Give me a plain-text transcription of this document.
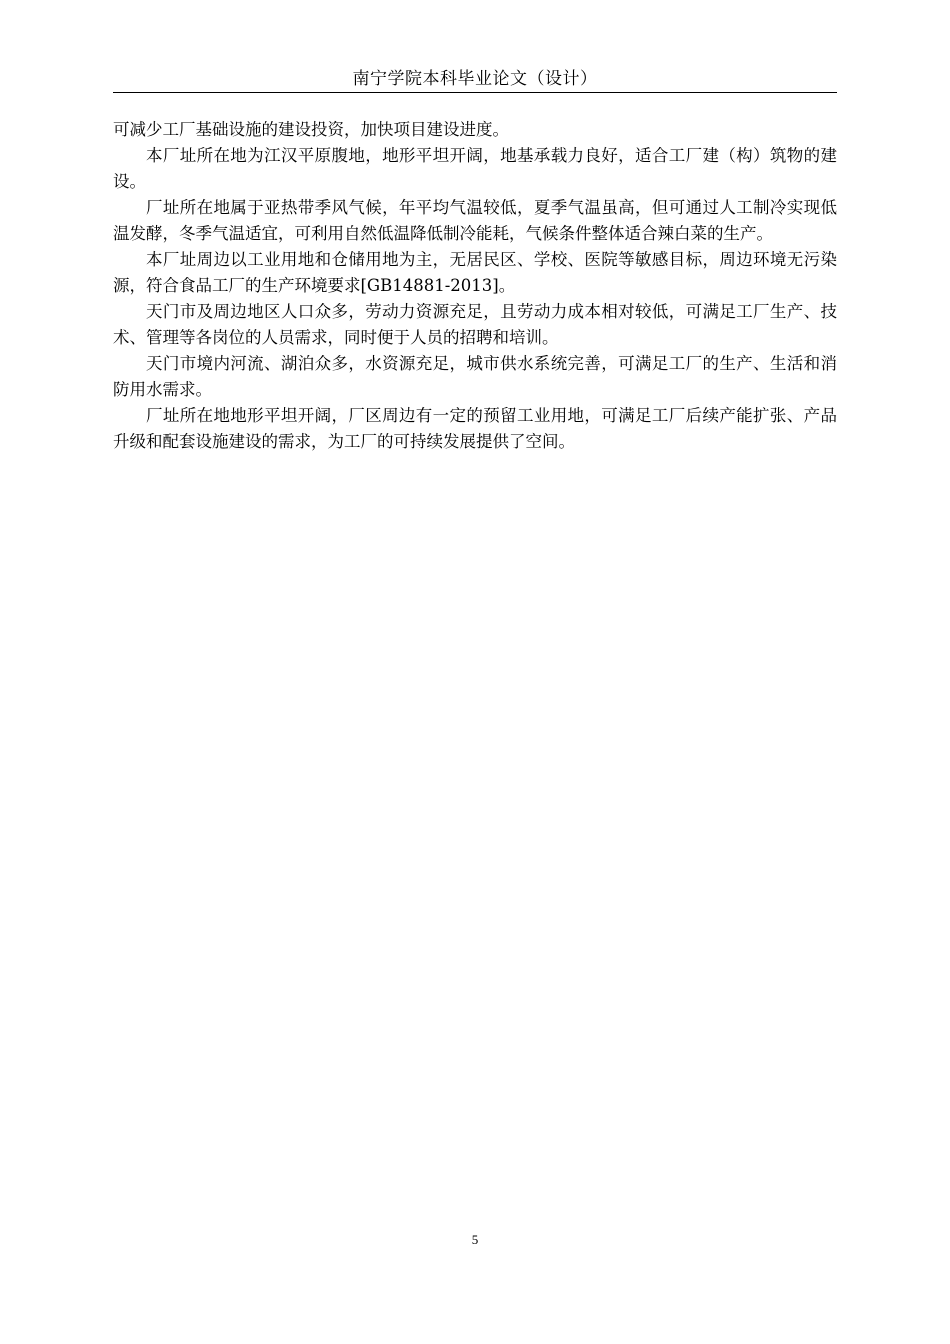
南宁学院本科毕业论文（设计）

可减少工厂基础设施的建设投资，加快项目建设进度。

本厂址所在地为江汉平原腹地，地形平坦开阔，地基承载力良好，适合工厂建（构）筑物的建设。

厂址所在地属于亚热带季风气候，年平均气温较低，夏季气温虽高，但可通过人工制冷实现低温发酵，冬季气温适宜，可利用自然低温降低制冷能耗，气候条件整体适合辣白菜的生产。

本厂址周边以工业用地和仓储用地为主，无居民区、学校、医院等敏感目标，周边环境无污染源，符合食品工厂的生产环境要求[GB14881-2013]。

天门市及周边地区人口众多，劳动力资源充足，且劳动力成本相对较低，可满足工厂生产、技术、管理等各岗位的人员需求，同时便于人员的招聘和培训。

天门市境内河流、湖泊众多，水资源充足，城市供水系统完善，可满足工厂的生产、生活和消防用水需求。

厂址所在地地形平坦开阔，厂区周边有一定的预留工业用地，可满足工厂后续产能扩张、产品升级和配套设施建设的需求，为工厂的可持续发展提供了空间。

5
